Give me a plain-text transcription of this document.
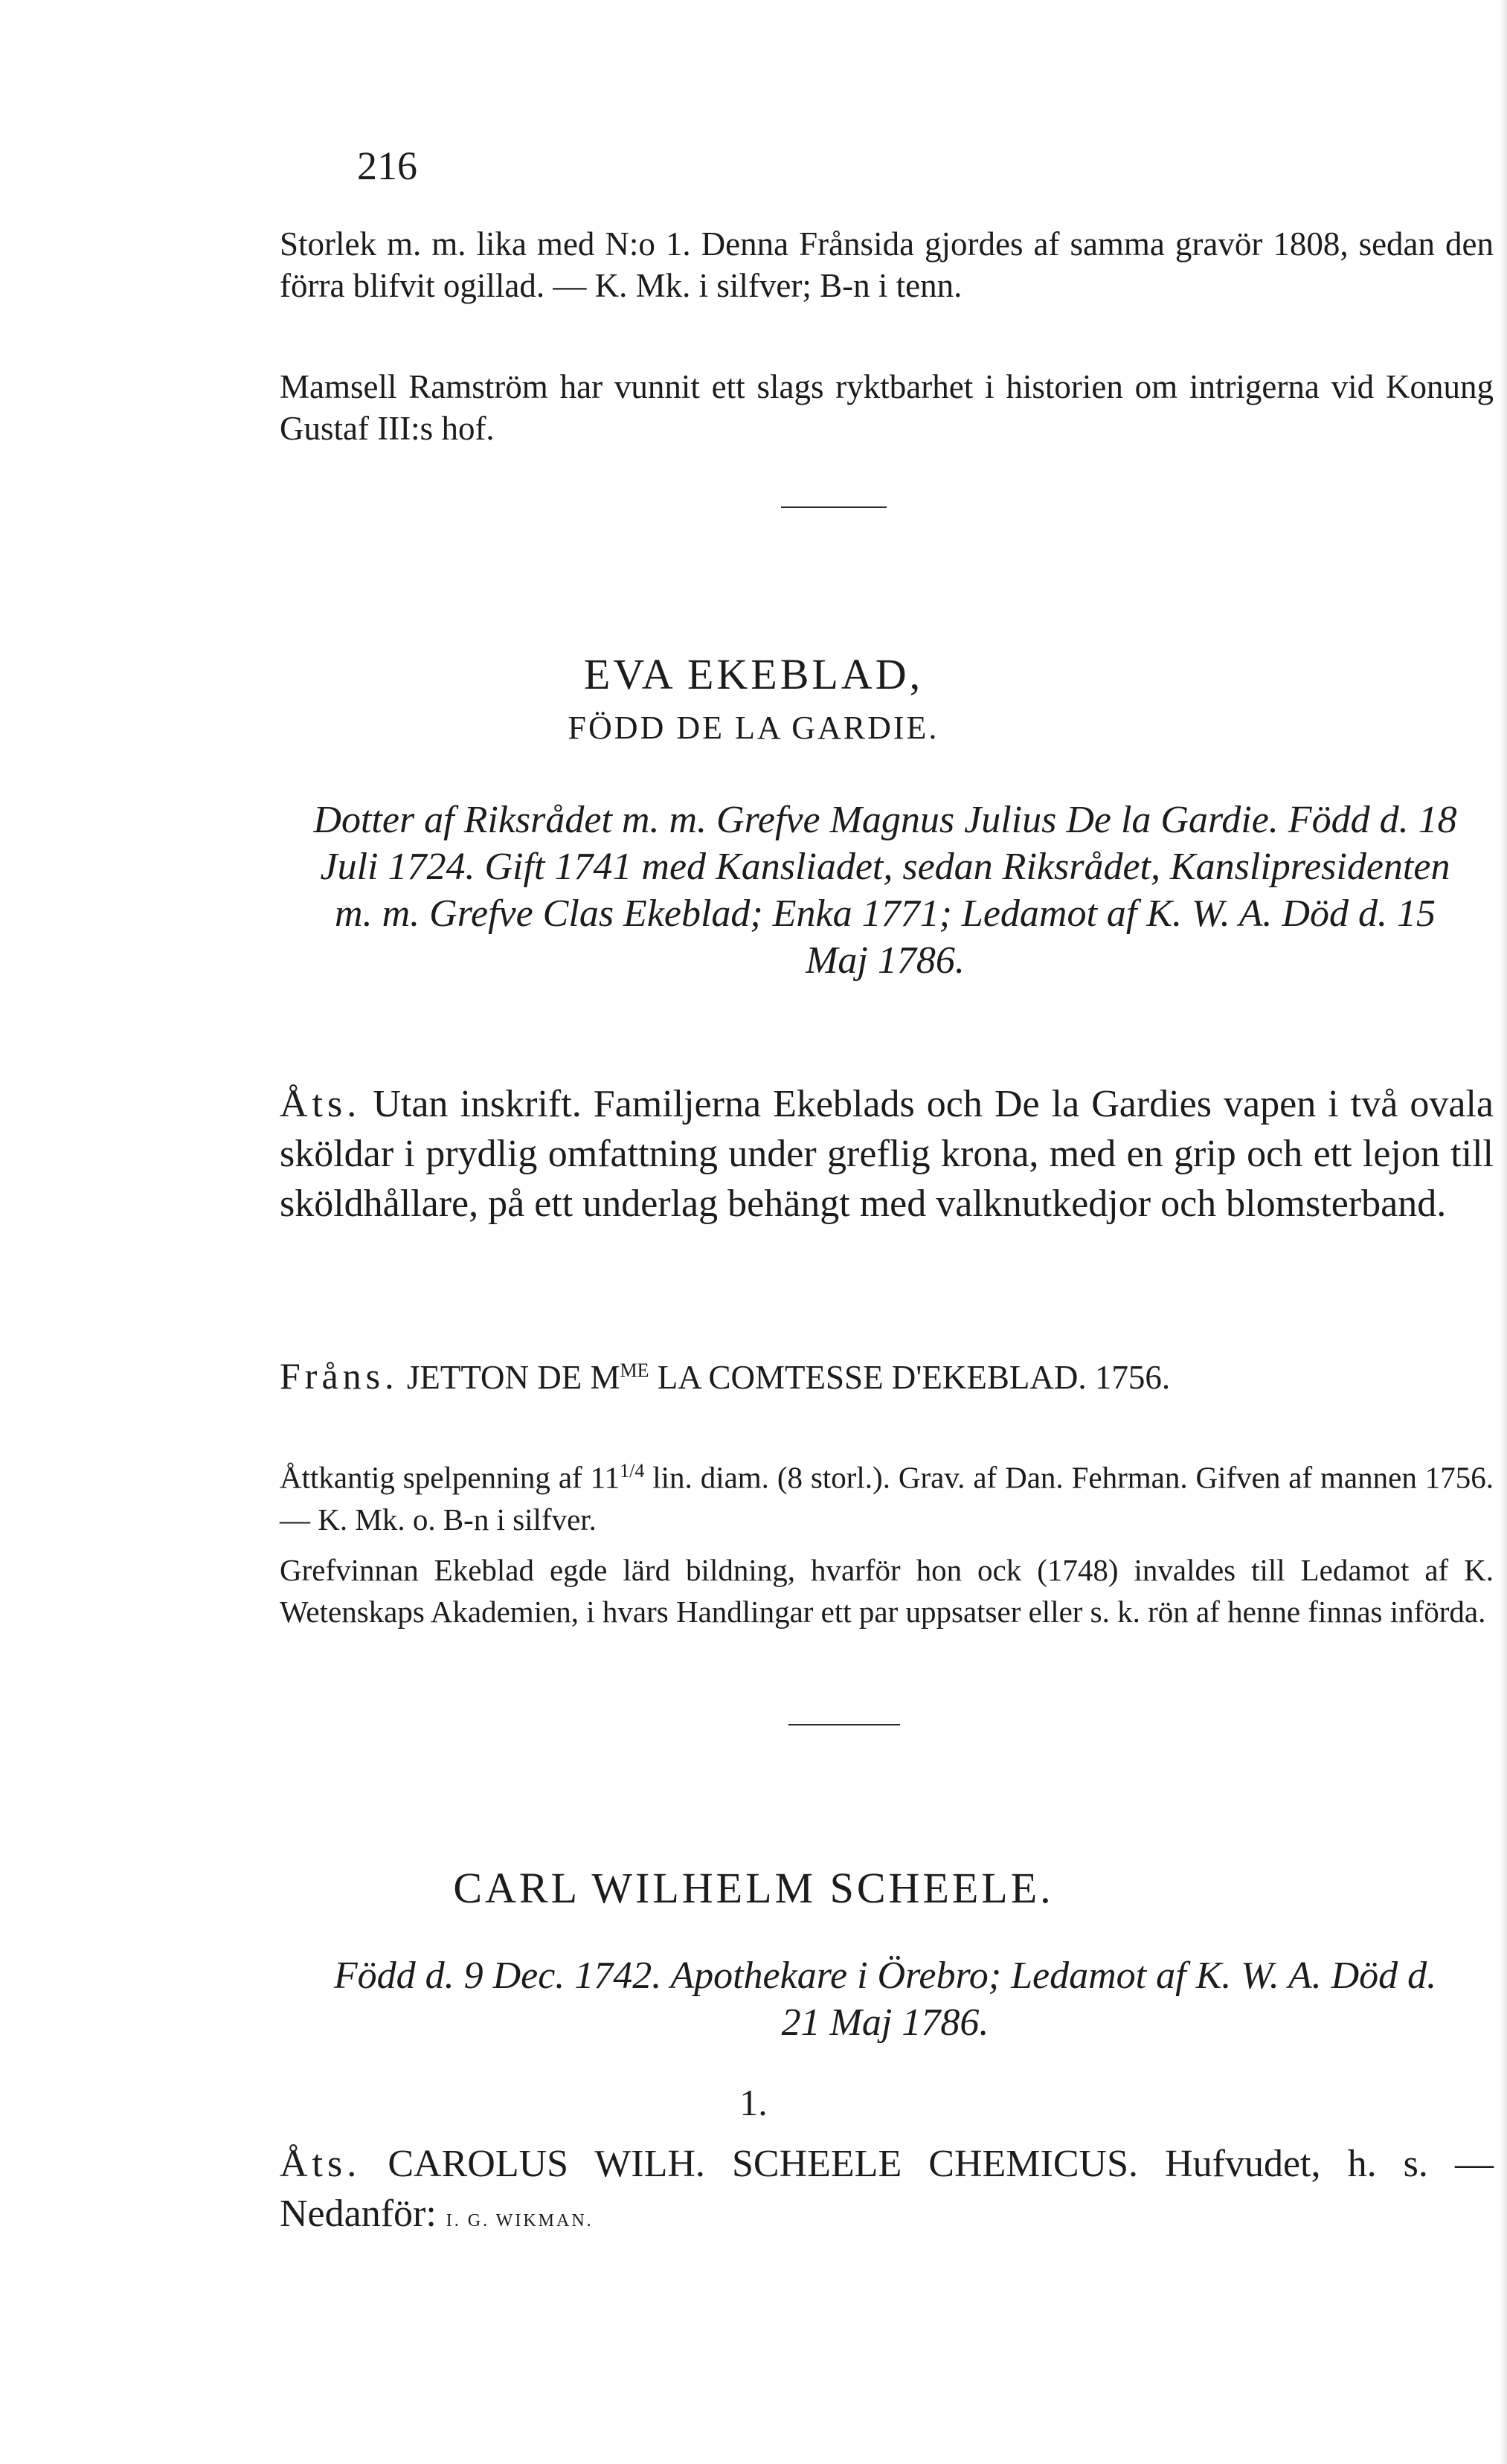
216

Storlek m. m. lika med N:o 1. Denna Frånsida gjordes af samma gravör 1808, sedan den förra blifvit ogillad. — K. Mk. i silfver; B-n i tenn.

Mamsell Ramström har vunnit ett slags ryktbarhet i historien om intrigerna vid Konung Gustaf III:s hof.

EVA EKEBLAD,
FÖDD DE LA GARDIE.

Dotter af Riksrådet m. m. Grefve Magnus Julius De la Gardie. Född d. 18 Juli 1724. Gift 1741 med Kansliadet, sedan Riksrådet, Kanslipresidenten m. m. Grefve Clas Ekeblad; Enka 1771; Ledamot af K. W. A. Död d. 15 Maj 1786.

Åts. Utan inskrift. Familjerna Ekeblads och De la Gardies vapen i två ovala sköldar i prydlig omfattning under greflig krona, med en grip och ett lejon till sköldhållare, på ett underlag behängt med valknutkedjor och blomsterband.

Fråns. JETTON DE $M^{ME}$ LA COMTESSE D'EKEBLAD. 1756.

Åttkantig spelpenning af $11^{1/4}$ lin. diam. (8 storl.). Grav. af Dan. Fehrman. Gifven af mannen 1756. — K. Mk. o. B-n i silfver.

Grefvinnan Ekeblad egde lärd bildning, hvarför hon ock (1748) invaldes till Ledamot af K. Wetenskaps Akademien, i hvars Handlingar ett par uppsatser eller s. k. rön af henne finnas införda.

CARL WILHELM SCHEELE.

Född d. 9 Dec. 1742. Apothekare i Örebro; Ledamot af K. W. A. Död d. 21 Maj 1786.

1.

Åts. CAROLUS WILH. SCHEELE CHEMICUS. Hufvudet, h. s. — Nedanför: I. G. WIKMAN.
